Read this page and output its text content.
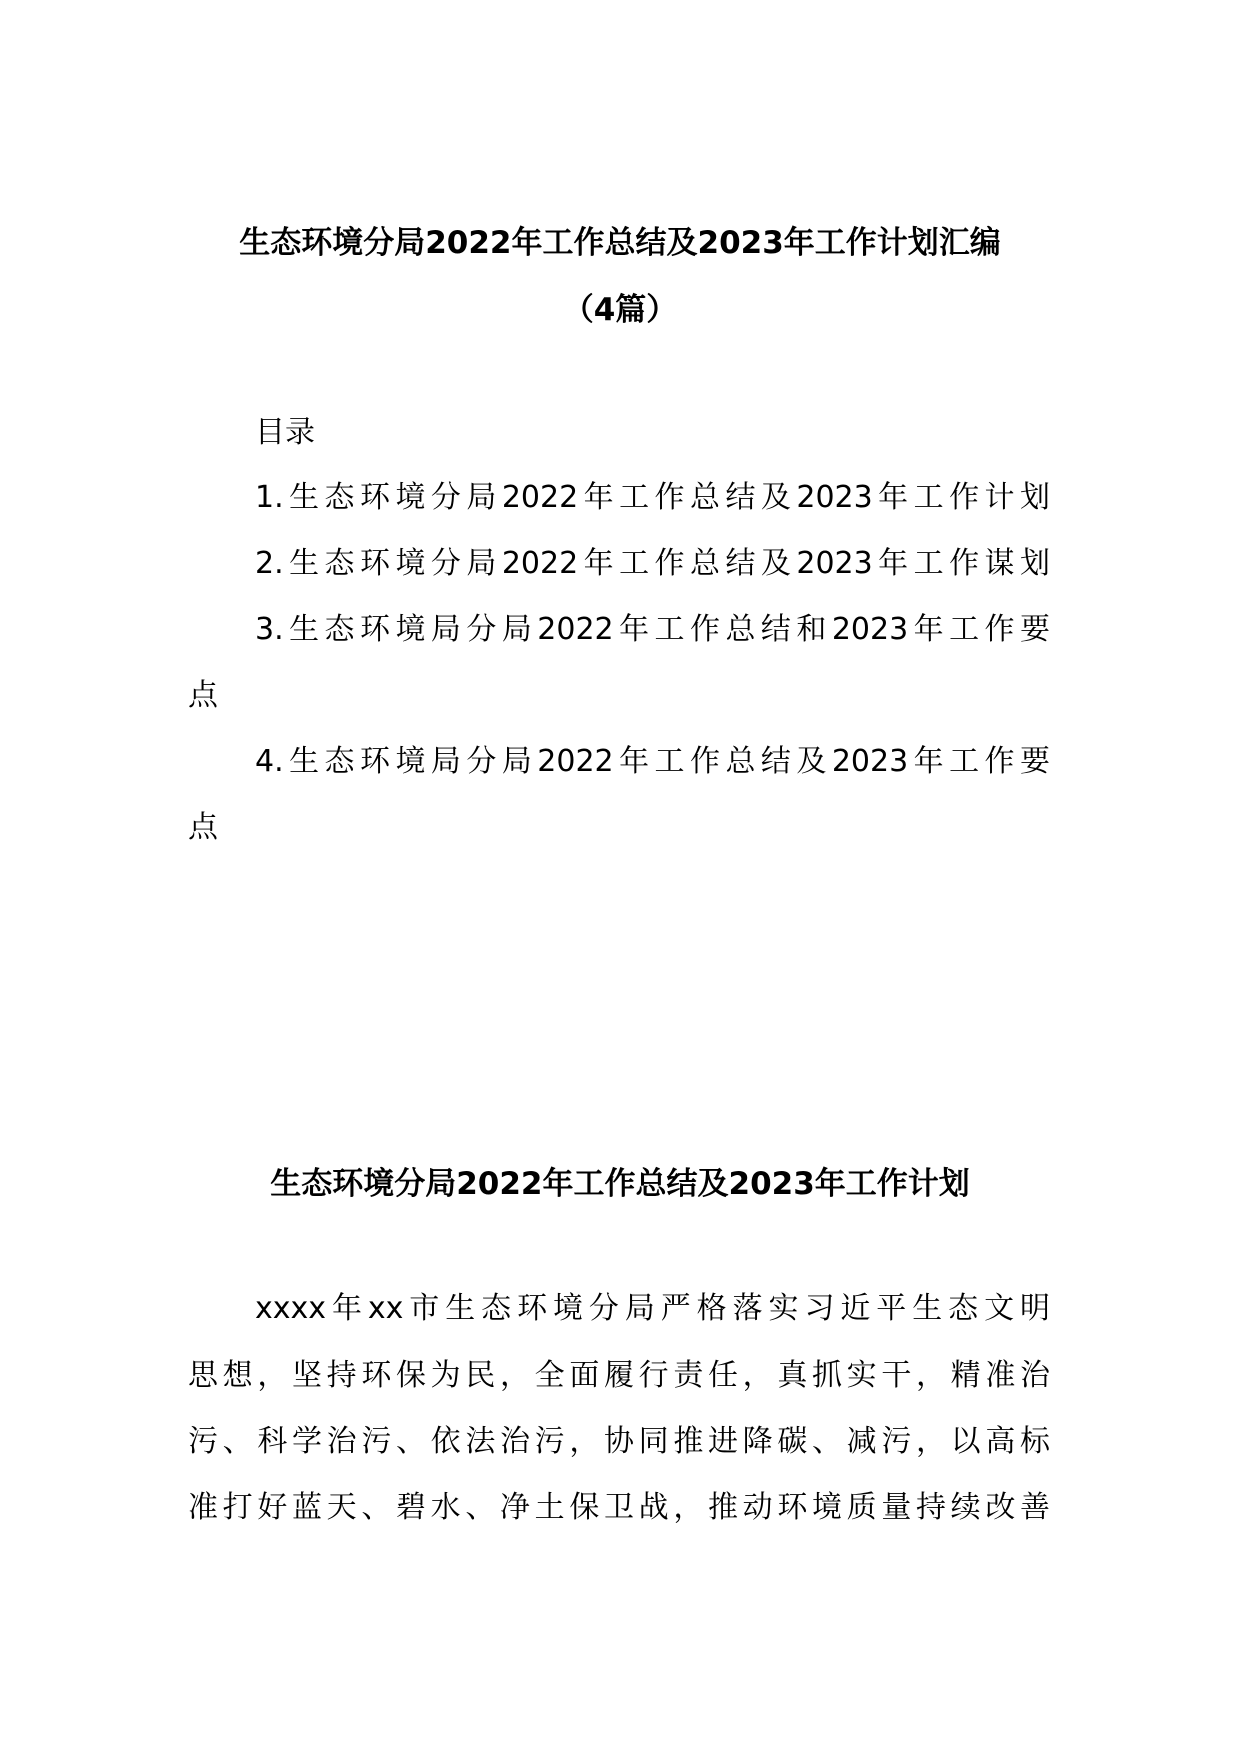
生态环境分局2022年工作总结及2023年工作计划汇编
（4篇）
目录
1.生态环境分局2022年工作总结及2023年工作计划
2.生态环境分局2022年工作总结及2023年工作谋划
3.生态环境局分局2022年工作总结和2023年工作要
点
4.生态环境局分局2022年工作总结及2023年工作要
点
生态环境分局2022年工作总结及2023年工作计划
xxxx年xx市生态环境分局严格落实习近平生态文明
思想，坚持环保为民，全面履行责任，真抓实干，精准治
污、科学治污、依法治污，协同推进降碳、减污，以高标
准打好蓝天、碧水、净土保卫战，推动环境质量持续改善
